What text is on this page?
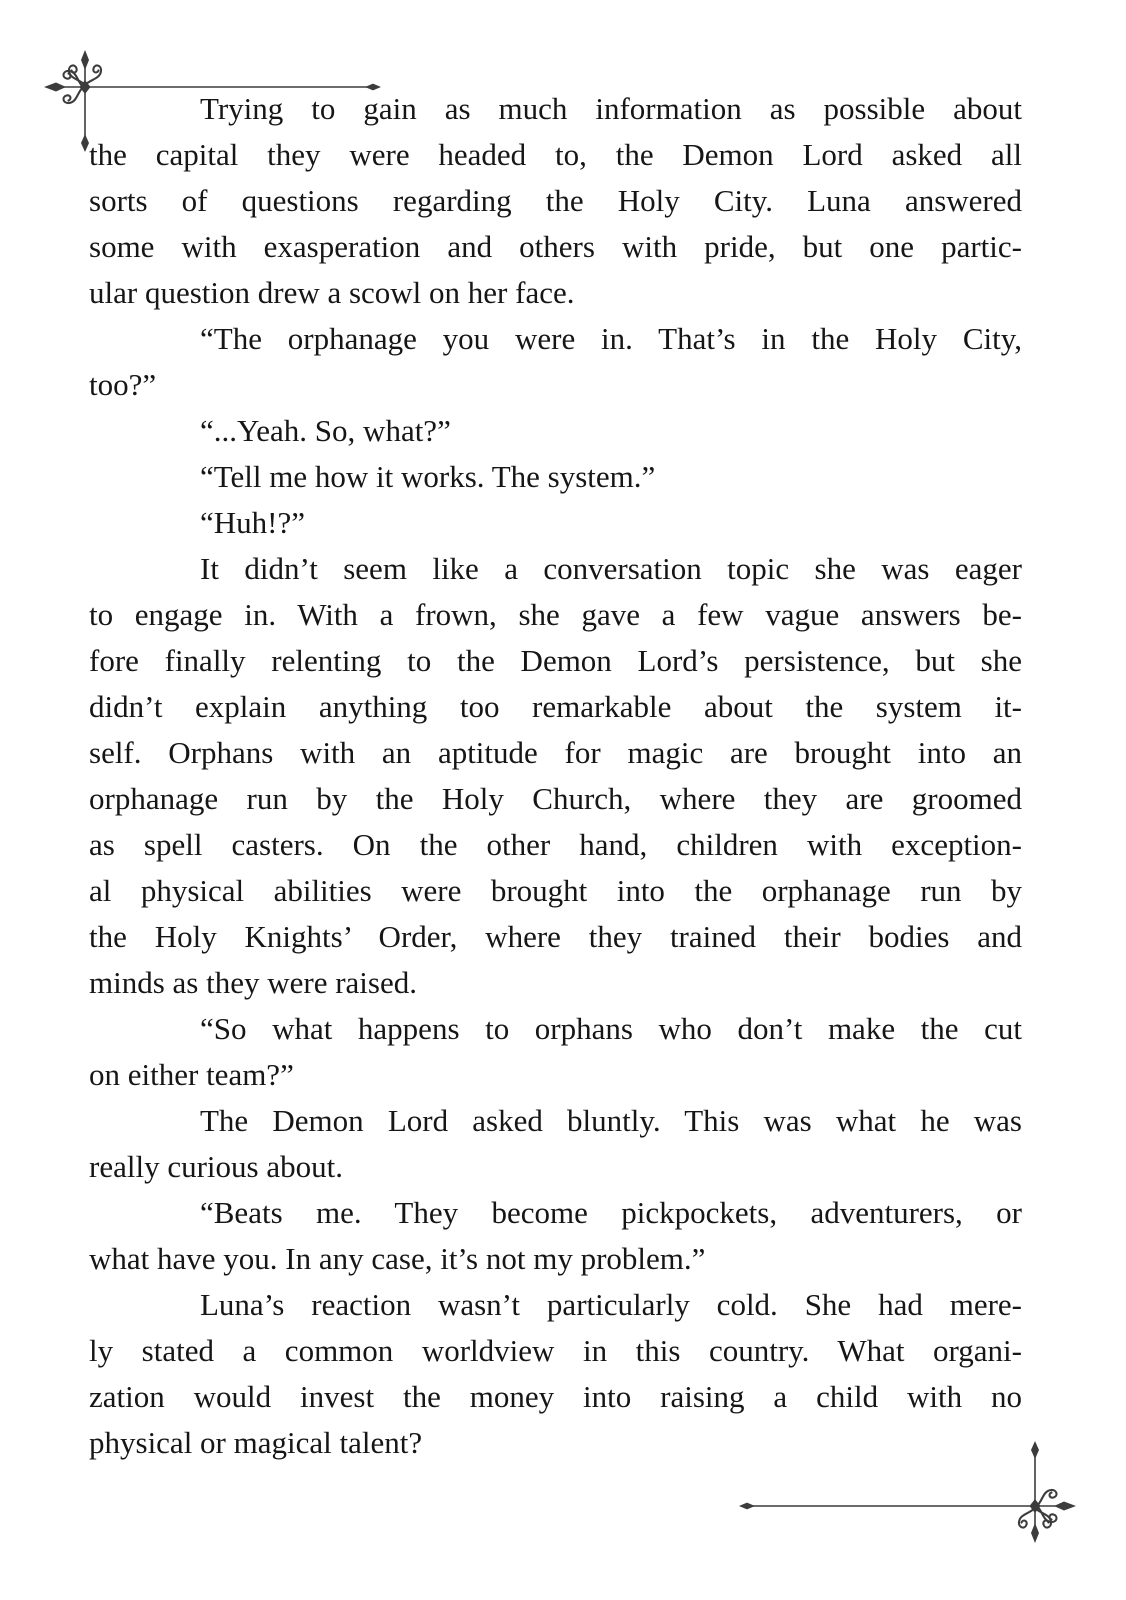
Trying to gain as much information as possible about
the capital they were headed to, the Demon Lord asked all
sorts of questions regarding the Holy City. Luna answered
some with exasperation and others with pride, but one partic-
ular question drew a scowl on her face.

“The orphanage you were in. That’s in the Holy City,
too?”

“...Yeah. So, what?”

“Tell me how it works. The system.”

“Huh!?”

It didn’t seem like a conversation topic she was eager
to engage in. With a frown, she gave a few vague answers be-
fore finally relenting to the Demon Lord’s persistence, but she
didn’t explain anything too remarkable about the system it-
self. Orphans with an aptitude for magic are brought into an
orphanage run by the Holy Church, where they are groomed
as spell casters. On the other hand, children with exception-
al physical abilities were brought into the orphanage run by
the Holy Knights’ Order, where they trained their bodies and
minds as they were raised.

“So what happens to orphans who don’t make the cut
on either team?”

The Demon Lord asked bluntly. This was what he was
really curious about.

“Beats me. They become pickpockets, adventurers, or
what have you. In any case, it’s not my problem.”

Luna’s reaction wasn’t particularly cold. She had mere-
ly stated a common worldview in this country. What organi-
zation would invest the money into raising a child with no
physical or magical talent?
